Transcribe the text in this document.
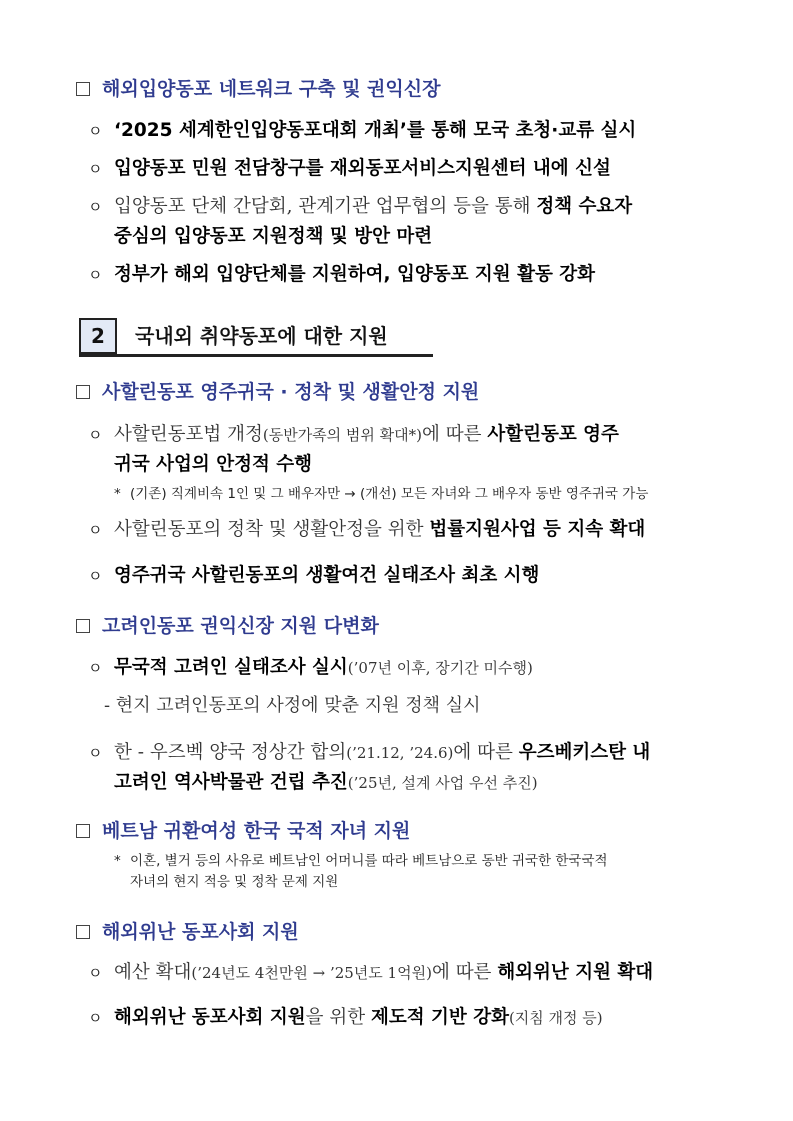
해외입양동포 네트워크 구축 및 권익신장
ㅇ ‘2025 세계한인입양동포대회 개최’를 통해 모국 초청·교류 실시
ㅇ 입양동포 민원 전담창구를 재외동포서비스지원센터 내에 신설
ㅇ 입양동포 단체 간담회, 관계기관 업무협의 등을 통해 정책 수요자
중심의 입양동포 지원정책 및 방안 마련
ㅇ 정부가 해외 입양단체를 지원하여, 입양동포 지원 활동 강화
2	국내외 취약동포에 대한 지원
사할린동포 영주귀국 · 정착 및 생활안정 지원
ㅇ 사할린동포법 개정(동반가족의 범위 확대*)에 따른 사할린동포 영주
귀국 사업의 안정적 수행
* (기존) 직계비속 1인 및 그 배우자만 → (개선) 모든 자녀와 그 배우자 동반 영주귀국 가능
ㅇ 사할린동포의 정착 및 생활안정을 위한 법률지원사업 등 지속 확대
ㅇ 영주귀국 사할린동포의 생활여건 실태조사 최초 시행
고려인동포 권익신장 지원 다변화
ㅇ 무국적 고려인 실태조사 실시(’07년 이후, 장기간 미수행)
- 현지 고려인동포의 사정에 맞춘 지원 정책 실시
ㅇ 한 - 우즈벡 양국 정상간 합의(’21.12, ’24.6)에 따른 우즈베키스탄 내
고려인 역사박물관 건립 추진(’25년, 설계 사업 우선 추진)
베트남 귀환여성 한국 국적 자녀 지원
* 이혼, 별거 등의 사유로 베트남인 어머니를 따라 베트남으로 동반 귀국한 한국국적
자녀의 현지 적응 및 정착 문제 지원
해외위난 동포사회 지원
ㅇ 예산 확대(’24년도 4천만원 → ’25년도 1억원)에 따른 해외위난 지원 확대
ㅇ 해외위난 동포사회 지원을 위한 제도적 기반 강화(지침 개정 등)
